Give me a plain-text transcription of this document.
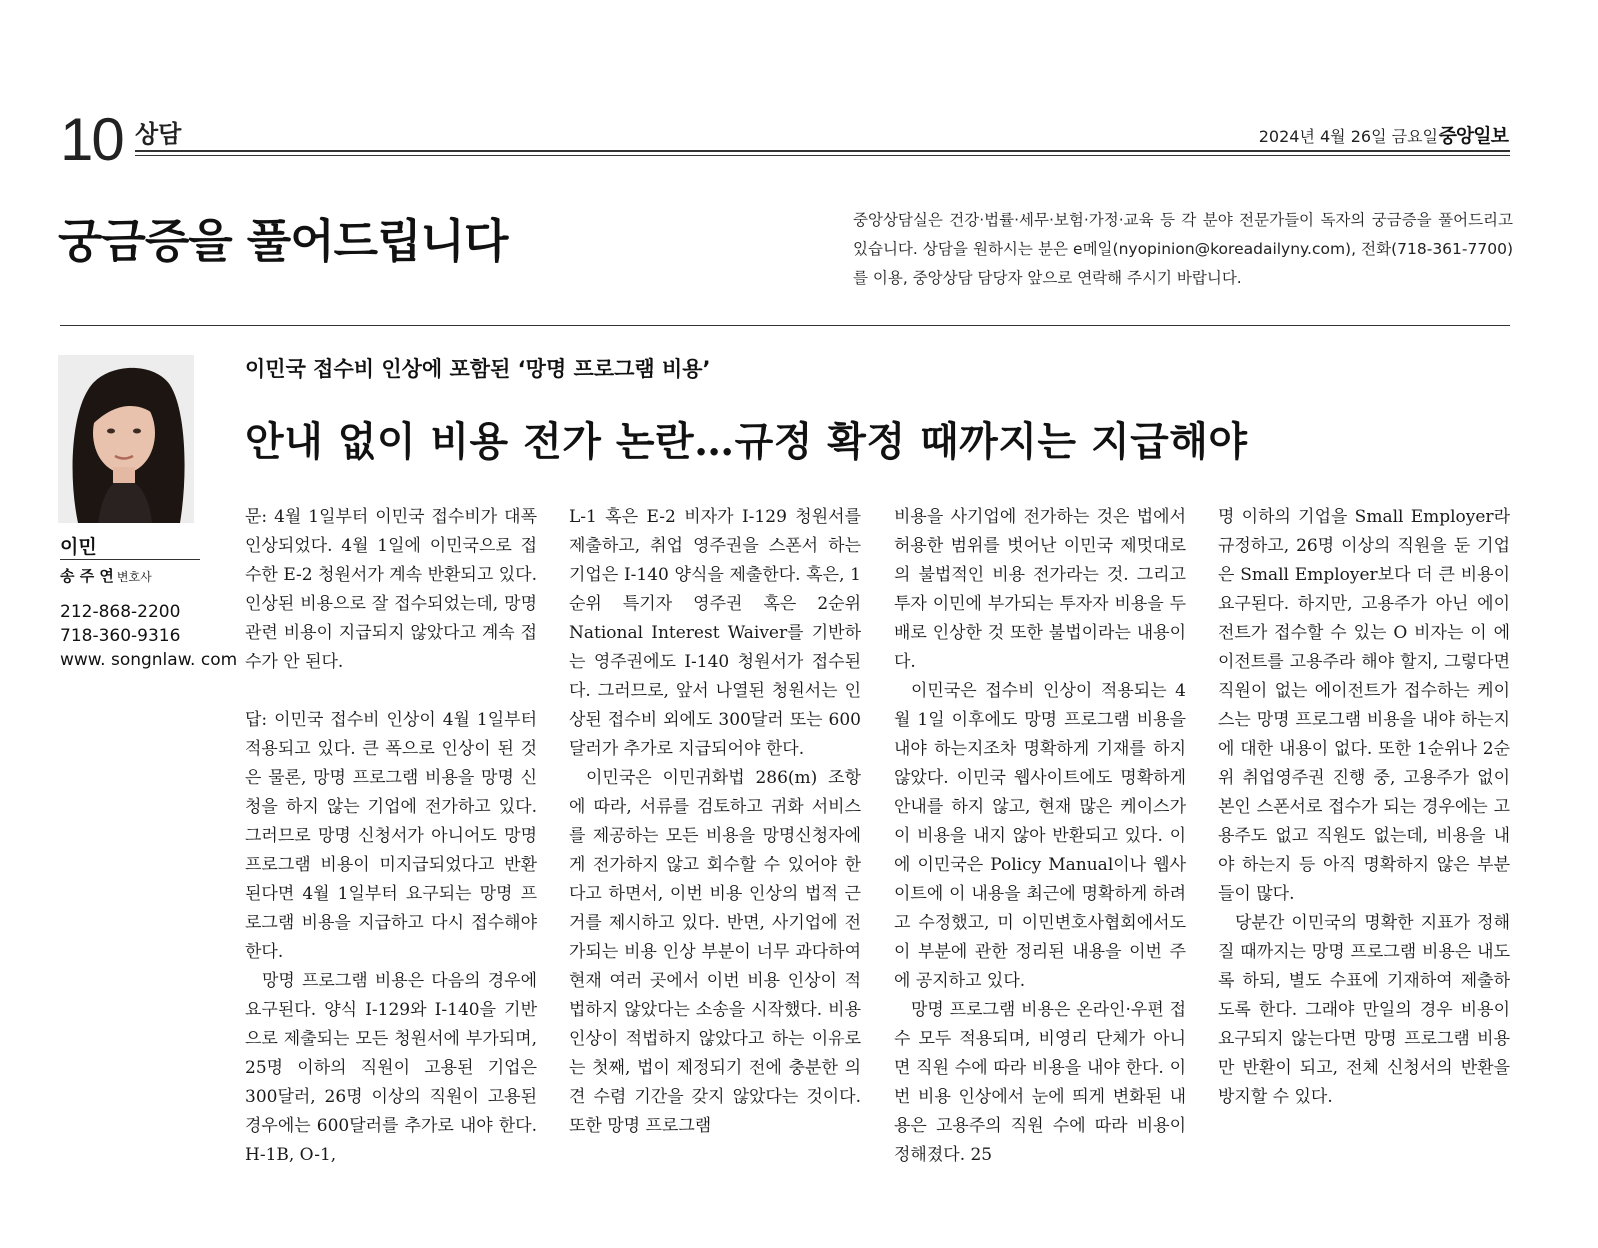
10 상담	2024년 4월 26일 금요일 중앙일보
궁금증을 풀어드립니다	중앙상담실은 건강·법률·세무·보험·가정·교육 등 각 분야 전문가들이 독자의 궁금증을 풀어드리고 있습니다. 상담을 원하시는 분은 e메일(nyopinion@koreadailyny.com), 전화(718-361-7700)를 이용, 중앙상담 담당자 앞으로 연락해 주시기 바랍니다.
이민
송 주 연 변호사
212-868-2200
718-360-9316
www. songnlaw. com
이민국 접수비 인상에 포함된 ‘망명 프로그램 비용’
안내 없이 비용 전가 논란…규정 확정 때까지는 지급해야

문: 4월 1일부터 이민국 접수비가 대폭 인상되었다. 4월 1일에 이민국으로 접수한 E-2 청원서가 계속 반환되고 있다. 인상된 비용으로 잘 접수되었는데, 망명 관련 비용이 지급되지 않았다고 계속 접수가 안 된다.

답: 이민국 접수비 인상이 4월 1일부터 적용되고 있다. 큰 폭으로 인상이 된 것은 물론, 망명 프로그램 비용을 망명 신청을 하지 않는 기업에 전가하고 있다. 그러므로 망명 신청서가 아니어도 망명 프로그램 비용이 미지급되었다고 반환된다면 4월 1일부터 요구되는 망명 프로그램 비용을 지급하고 다시 접수해야 한다.

망명 프로그램 비용은 다음의 경우에 요구된다. 양식 I-129와 I-140을 기반으로 제출되는 모든 청원서에 부가되며, 25명 이하의 직원이 고용된 기업은 300달러, 26명 이상의 직원이 고용된 경우에는 600달러를 추가로 내야 한다. H-1B, O-1,

L-1 혹은 E-2 비자가 I-129 청원서를 제출하고, 취업 영주권을 스폰서 하는 기업은 I-140 양식을 제출한다. 혹은, 1순위 특기자 영주권 혹은 2순위 National Interest Waiver를 기반하는 영주권에도 I-140 청원서가 접수된다. 그러므로, 앞서 나열된 청원서는 인상된 접수비 외에도 300달러 또는 600달러가 추가로 지급되어야 한다.

이민국은 이민귀화법 286(m) 조항에 따라, 서류를 검토하고 귀화 서비스를 제공하는 모든 비용을 망명신청자에게 전가하지 않고 회수할 수 있어야 한다고 하면서, 이번 비용 인상의 법적 근거를 제시하고 있다. 반면, 사기업에 전가되는 비용 인상 부분이 너무 과다하여 현재 여러 곳에서 이번 비용 인상이 적법하지 않았다는 소송을 시작했다. 비용 인상이 적법하지 않았다고 하는 이유로는 첫째, 법이 제정되기 전에 충분한 의견 수렴 기간을 갖지 않았다는 것이다. 또한 망명 프로그램

비용을 사기업에 전가하는 것은 법에서 허용한 범위를 벗어난 이민국 제멋대로의 불법적인 비용 전가라는 것. 그리고 투자 이민에 부가되는 투자자 비용을 두 배로 인상한 것 또한 불법이라는 내용이다.

이민국은 접수비 인상이 적용되는 4월 1일 이후에도 망명 프로그램 비용을 내야 하는지조차 명확하게 기재를 하지 않았다. 이민국 웹사이트에도 명확하게 안내를 하지 않고, 현재 많은 케이스가 이 비용을 내지 않아 반환되고 있다. 이에 이민국은 Policy Manual이나 웹사이트에 이 내용을 최근에 명확하게 하려고 수정했고, 미 이민변호사협회에서도 이 부분에 관한 정리된 내용을 이번 주에 공지하고 있다.

망명 프로그램 비용은 온라인·우편 접수 모두 적용되며, 비영리 단체가 아니면 직원 수에 따라 비용을 내야 한다. 이번 비용 인상에서 눈에 띄게 변화된 내용은 고용주의 직원 수에 따라 비용이 정해졌다. 25

명 이하의 기업을 Small Employer라 규정하고, 26명 이상의 직원을 둔 기업은 Small Employer보다 더 큰 비용이 요구된다. 하지만, 고용주가 아닌 에이전트가 접수할 수 있는 O 비자는 이 에이전트를 고용주라 해야 할지, 그렇다면 직원이 없는 에이전트가 접수하는 케이스는 망명 프로그램 비용을 내야 하는지에 대한 내용이 없다. 또한 1순위나 2순위 취업영주권 진행 중, 고용주가 없이 본인 스폰서로 접수가 되는 경우에는 고용주도 없고 직원도 없는데, 비용을 내야 하는지 등 아직 명확하지 않은 부분들이 많다.

당분간 이민국의 명확한 지표가 정해질 때까지는 망명 프로그램 비용은 내도록 하되, 별도 수표에 기재하여 제출하도록 한다. 그래야 만일의 경우 비용이 요구되지 않는다면 망명 프로그램 비용만 반환이 되고, 전체 신청서의 반환을 방지할 수 있다.
